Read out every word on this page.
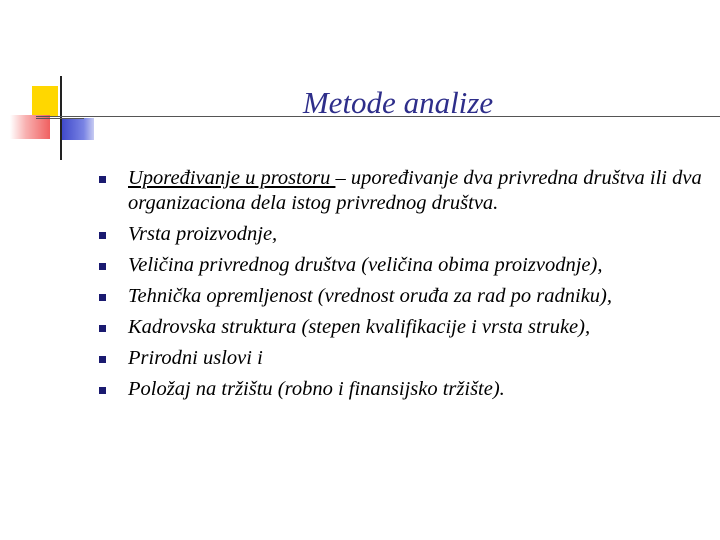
Metode analize
Upoređivanje u prostoru – upoređivanje dva privredna društva ili dva organizaciona dela istog privrednog društva.
Vrsta proizvodnje,
Veličina privrednog društva (veličina obima proizvodnje),
Tehnička opremljenost (vrednost oruđa za rad po radniku),
Kadrovska struktura (stepen kvalifikacije i vrsta struke),
Prirodni uslovi i
Položaj na tržištu (robno i finansijsko tržište).
